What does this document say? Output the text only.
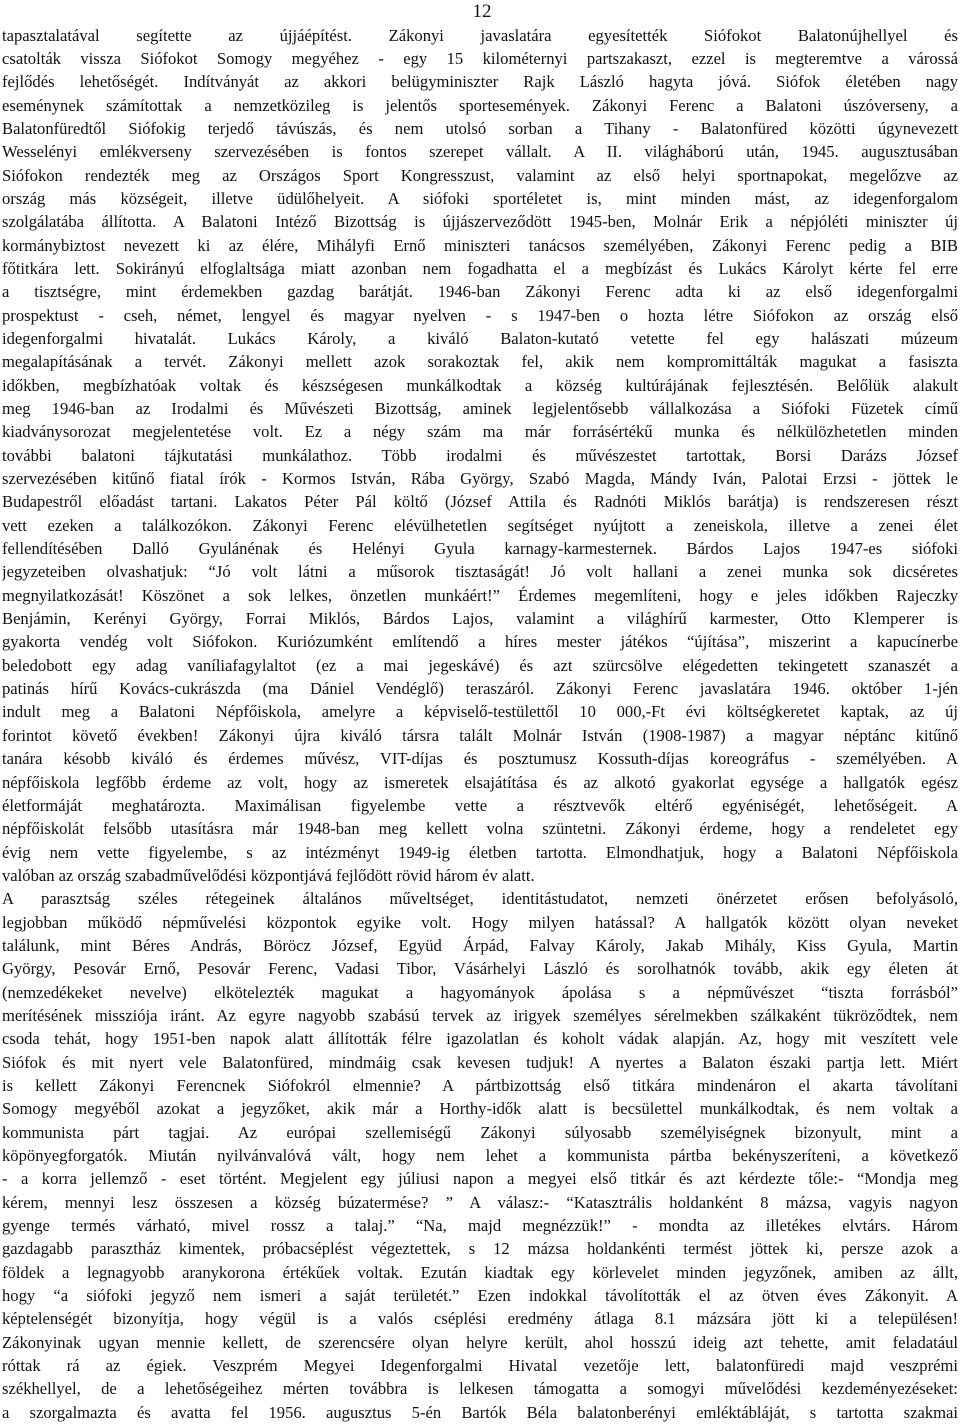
12
tapasztalatával segítette az újjáépítést. Zákonyi javaslatára egyesítették Siófokot Balatonújhellyel és
csatolták vissza Siófokot Somogy megyéhez - egy 15 kilométernyi partszakaszt, ezzel is megteremtve a várossá
fejlődés lehetőségét. Indítványát az akkori belügyminiszter Rajk László hagyta jóvá. Siófok életében nagy
eseménynek számítottak a nemzetközileg is jelentős sportesemények. Zákonyi Ferenc a Balatoni úszóverseny, a
Balatonfüredtől Siófokig terjedő távúszás, és nem utolsó sorban a Tihany - Balatonfüred közötti úgynevezett
Wesselényi emlékverseny szervezésében is fontos szerepet vállalt. A II. világháború után, 1945. augusztusában
Siófokon rendezték meg az Országos Sport Kongresszust, valamint az első helyi sportnapokat, megelőzve az
ország más községeit, illetve üdülőhelyeit. A siófoki sportéletet is, mint minden mást, az idegenforgalom
szolgálatába állította. A Balatoni Intéző Bizottság is újjászerveződött 1945-ben, Molnár Erik a népjóléti miniszter új
kormánybiztost nevezett ki az élére, Mihályfi Ernő miniszteri tanácsos személyében, Zákonyi Ferenc pedig a BIB
főtitkára lett. Sokirányú elfoglaltsága miatt azonban nem fogadhatta el a megbízást és Lukács Károlyt kérte fel erre
a tisztségre, mint érdemekben gazdag barátját. 1946-ban Zákonyi Ferenc adta ki az első idegenforgalmi
prospektust - cseh, német, lengyel és magyar nyelven - s 1947-ben o hozta létre Siófokon az ország első
idegenforgalmi hivatalát. Lukács Károly, a kiváló Balaton-kutató vetette fel egy halászati múzeum
megalapításának a tervét. Zákonyi mellett azok sorakoztak fel, akik nem kompromittálták magukat a fasiszta
időkben, megbízhatóak voltak és készségesen munkálkodtak a község kultúrájának fejlesztésén. Belőlük alakult
meg 1946-ban az Irodalmi és Művészeti Bizottság, aminek legjelentősebb vállalkozása a Siófoki Füzetek című
kiadványsorozat megjelentetése volt. Ez a négy szám ma már forrásértékű munka és nélkülözhetetlen minden
további balatoni tájkutatási munkálathoz. Több irodalmi és művészestet tartottak, Borsi Darázs József
szervezésében kitűnő fiatal írók - Kormos István, Rába György, Szabó Magda, Mándy Iván, Palotai Erzsi - jöttek le
Budapestről előadást tartani. Lakatos Péter Pál költő (József Attila és Radnóti Miklós barátja) is rendszeresen részt
vett ezeken a találkozókon. Zákonyi Ferenc elévülhetetlen segítséget nyújtott a zeneiskola, illetve a zenei élet
fellendítésében Dalló Gyulánénak és Helényi Gyula karnagy-karmesternek. Bárdos Lajos 1947-es siófoki
jegyzeteiben olvashatjuk: “Jó volt látni a műsorok tisztaságát! Jó volt hallani a zenei munka sok dicséretes
megnyilatkozását! Köszönet a sok lelkes, önzetlen munkáért!” Érdemes megemlíteni, hogy e jeles időkben Rajeczky
Benjámin, Kerényi György, Forrai Miklós, Bárdos Lajos, valamint a világhírű karmester, Otto Klemperer is
gyakorta vendég volt Siófokon. Kuriózumként említendő a híres mester játékos “újítása”, miszerint a kapucínerbe
beledobott egy adag vaníliafagylaltot (ez a mai jegeskávé) és azt szürcsölve elégedetten tekingetett szanaszét a
patinás hírű Kovács-cukrászda (ma Dániel Vendéglő) teraszáról. Zákonyi Ferenc javaslatára 1946. október 1-jén
indult meg a Balatoni Népfőiskola, amelyre a képviselő-testülettől 10 000,-Ft évi költségkeretet kaptak, az új
forintot követő években! Zákonyi újra kiváló társra talált Molnár István (1908-1987) a magyar néptánc kitűnő
tanára késobb kiváló és érdemes művész, VIT-díjas és posztumusz Kossuth-díjas koreográfus - személyében. A
népfőiskola legfőbb érdeme az volt, hogy az ismeretek elsajátítása és az alkotó gyakorlat egysége a hallgatók egész
életformáját meghatározta. Maximálisan figyelembe vette a résztvevők eltérő egyéniségét, lehetőségeit. A
népfőiskolát felsőbb utasításra már 1948-ban meg kellett volna szüntetni. Zákonyi érdeme, hogy a rendeletet egy
évig nem vette figyelembe, s az intézményt 1949-ig életben tartotta. Elmondhatjuk, hogy a Balatoni Népfőiskola
valóban az ország szabadművelődési központjává fejlődött rövid három év alatt.
A parasztság széles rétegeinek általános műveltséget, identitástudatot, nemzeti önérzetet erősen befolyásoló,
legjobban működő népművelési központok egyike volt. Hogy milyen hatással? A hallgatók között olyan neveket
találunk, mint Béres András, Böröcz József, Együd Árpád, Falvay Károly, Jakab Mihály, Kiss Gyula, Martin
György, Pesovár Ernő, Pesovár Ferenc, Vadasi Tibor, Vásárhelyi László és sorolhatnók tovább, akik egy életen át
(nemzedékeket nevelve) elkötelezték magukat a hagyományok ápolása s a népművészet “tiszta forrásból”
merítésének missziója iránt. Az egyre nagyobb szabású tervek az irigyek személyes sérelmekben szálkaként tükröződtek, nem
csoda tehát, hogy 1951-ben napok alatt állították félre igazolatlan és koholt vádak alapján. Az, hogy mit veszített vele
Siófok és mit nyert vele Balatonfüred, mindmáig csak kevesen tudjuk! A nyertes a Balaton északi partja lett. Miért
is kellett Zákonyi Ferencnek Siófokról elmennie? A pártbizottság első titkára mindenáron el akarta távolítani
Somogy megyéből azokat a jegyzőket, akik már a Horthy-idők alatt is becsülettel munkálkodtak, és nem voltak a
kommunista párt tagjai. Az európai szellemiségű Zákonyi súlyosabb személyiségnek bizonyult, mint a
köpönyegforgatók. Miután nyilvánvalóvá vált, hogy nem lehet a kommunista pártba bekényszeríteni, a következő
- a korra jellemző - eset történt. Megjelent egy júliusi napon a megyei első titkár és azt kérdezte tőle:- “Mondja meg
kérem, mennyi lesz összesen a község búzatermése? ” A válasz:- “Katasztrális holdanként 8 mázsa, vagyis nagyon
gyenge termés várható, mivel rossz a talaj.” “Na, majd megnézzük!” - mondta az illetékes elvtárs. Három
gazdagabb parasztház kimentek, próbacséplést végeztettek, s 12 mázsa holdankénti termést jöttek ki, persze azok a
földek a legnagyobb aranykorona értékűek voltak. Ezután kiadtak egy körlevelet minden jegyzőnek, amiben az állt,
hogy “a siófoki jegyző nem ismeri a saját területét.” Ezen indokkal távolították el az ötven éves Zákonyit. A
képtelenségét bizonyítja, hogy végül is a valós cséplési eredmény átlaga 8.1 mázsára jött ki a településen!
Zákonyinak ugyan mennie kellett, de szerencsére olyan helyre került, ahol hosszú ideig azt tehette, amit feladatául
róttak rá az égiek. Veszprém Megyei Idegenforgalmi Hivatal vezetője lett, balatonfüredi majd veszprémi
székhellyel, de a lehetőségeihez mérten továbbra is lelkesen támogatta a somogyi művelődési kezdeményezéseket:
a szorgalmazta és avatta fel 1956. augusztus 5-én Bartók Béla balatonberényi emléktábláját, s tartotta szakmai
